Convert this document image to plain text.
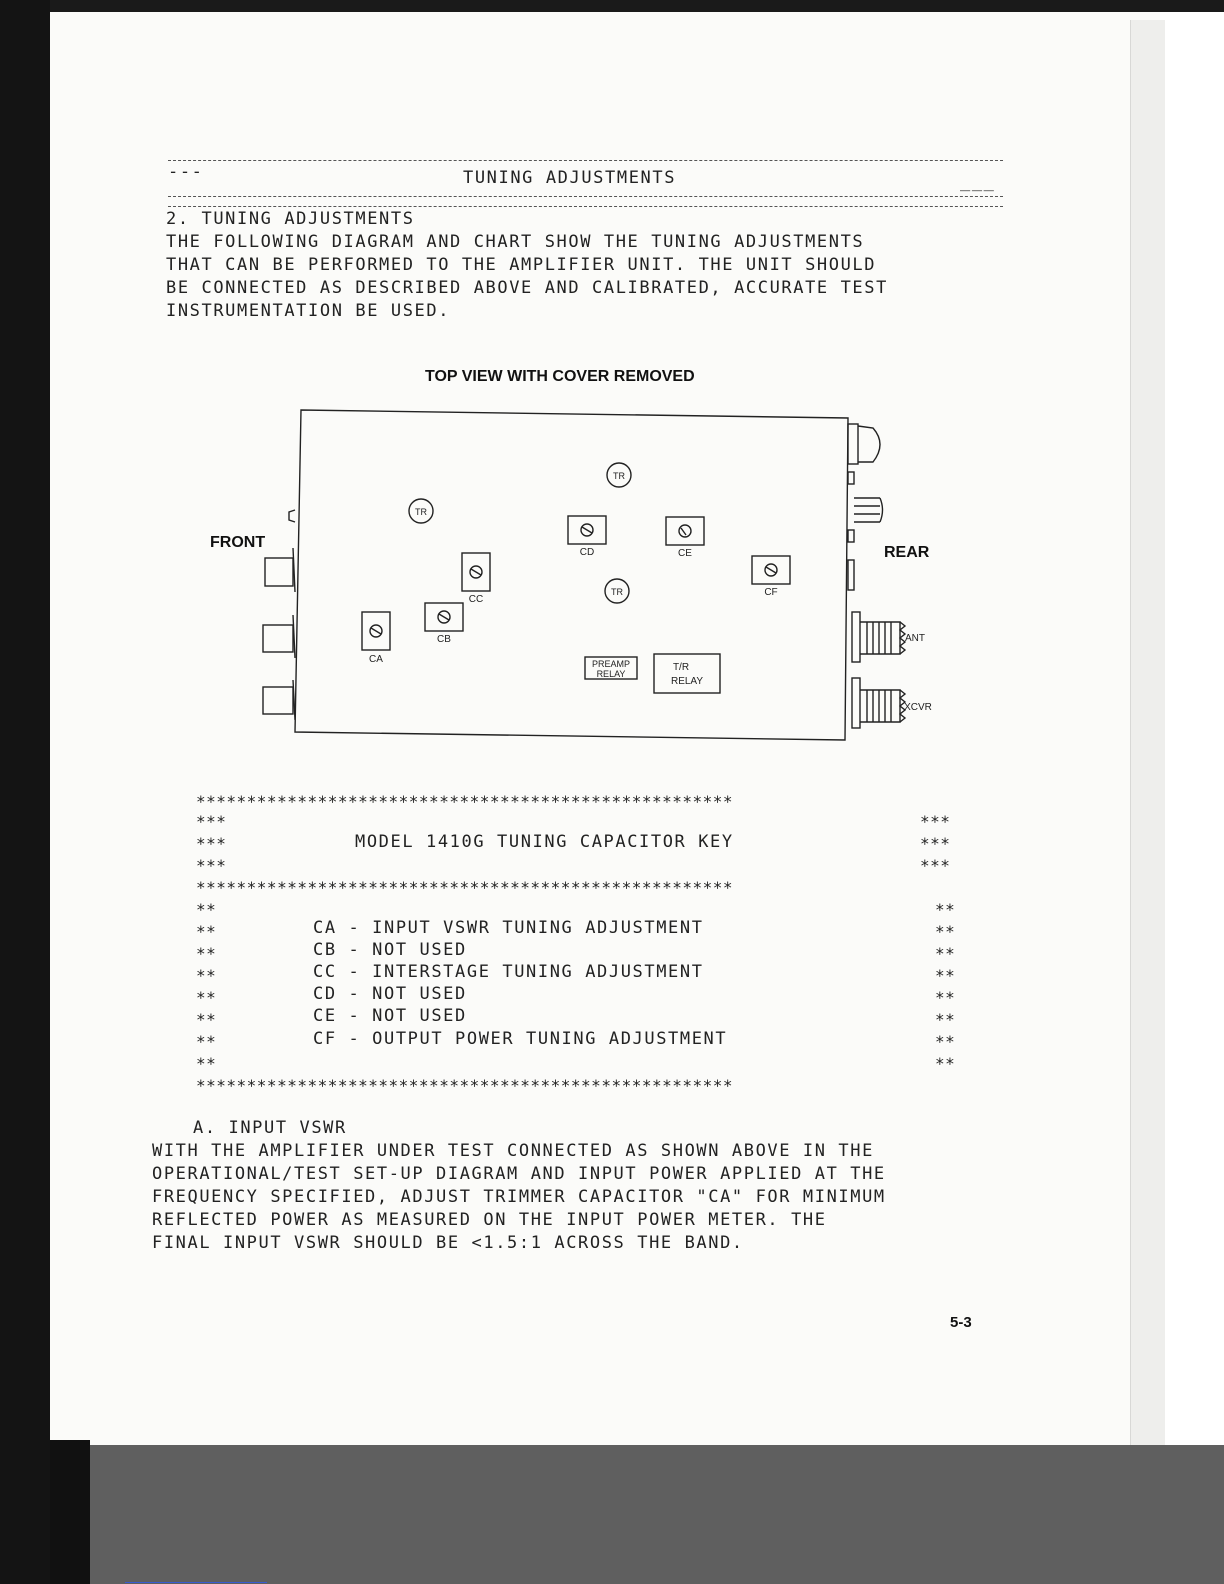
---	TUNING ADJUSTMENTS	___
2. TUNING ADJUSTMENTS
THE FOLLOWING DIAGRAM AND CHART SHOW THE TUNING ADJUSTMENTS
THAT CAN BE PERFORMED TO THE AMPLIFIER UNIT. THE UNIT SHOULD
BE CONNECTED AS DESCRIBED ABOVE AND CALIBRATED, ACCURATE TEST
INSTRUMENTATION BE USED.
TOP VIEW WITH COVER REMOVED
FRONT
REAR
CA
CB
CC
CD	CE
CF
TR
TR
TR
PREAMP
RELAY
T/R
RELAY
ANT
XCVR
*****************************************************
***	***
***	MODEL 1410G TUNING CAPACITOR KEY	***
***	***
*****************************************************
**	**
**	CA - INPUT VSWR TUNING ADJUSTMENT	**
**	CB - NOT USED	**
**	CC - INTERSTAGE TUNING ADJUSTMENT	**
**	CD - NOT USED	**
**	CE - NOT USED	**
**	CF - OUTPUT POWER TUNING ADJUSTMENT	**
**	**
*****************************************************
A. INPUT VSWR
WITH THE AMPLIFIER UNDER TEST CONNECTED AS SHOWN ABOVE IN THE
OPERATIONAL/TEST SET-UP DIAGRAM AND INPUT POWER APPLIED AT THE
FREQUENCY SPECIFIED, ADJUST TRIMMER CAPACITOR "CA" FOR MINIMUM
REFLECTED POWER AS MEASURED ON THE INPUT POWER METER. THE
FINAL INPUT VSWR SHOULD BE <1.5:1 ACROSS THE BAND.
5-3
